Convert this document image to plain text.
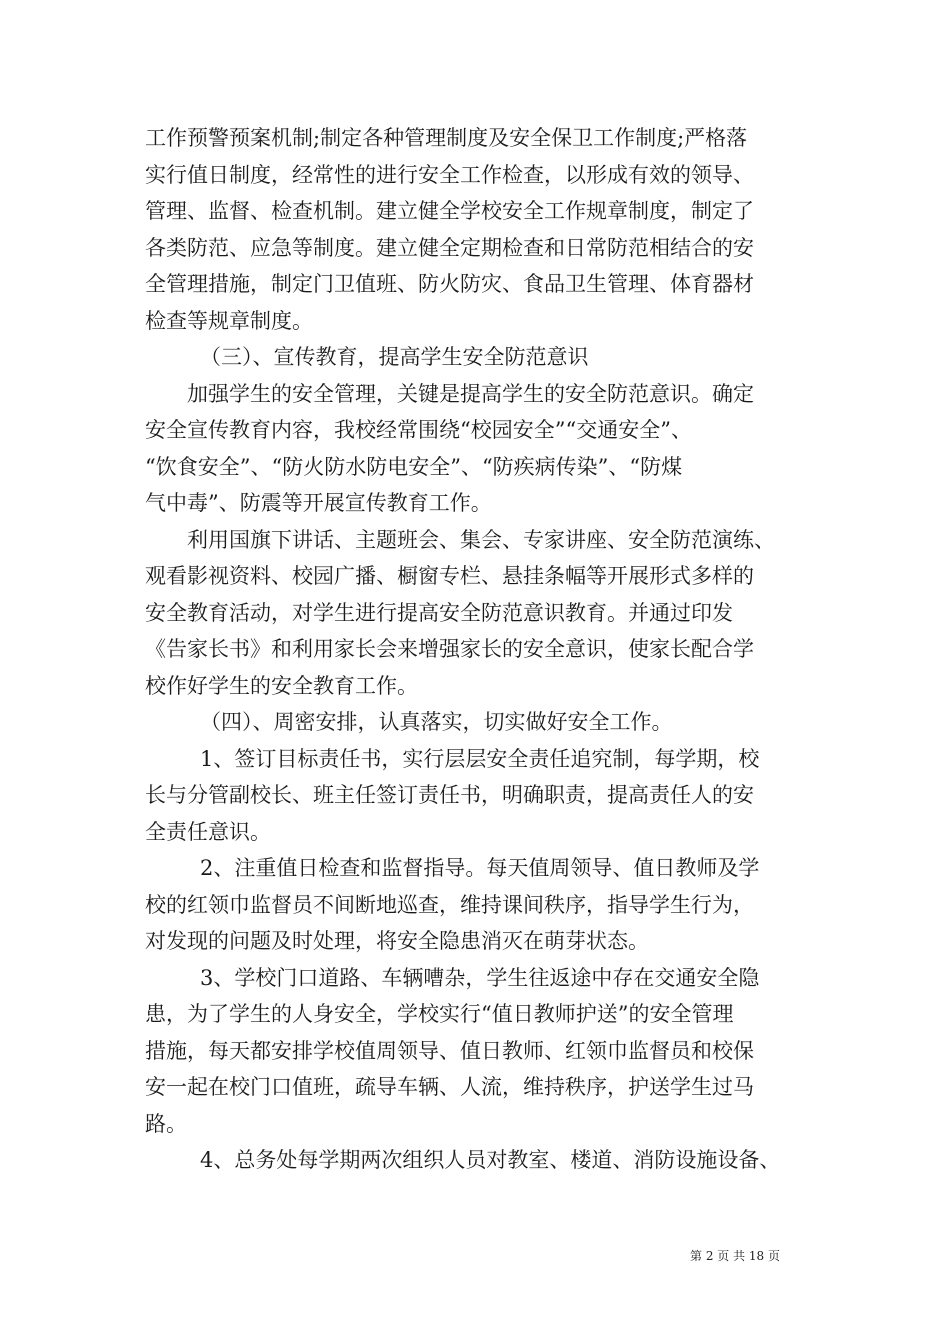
工作预警预案机制;制定各种管理制度及安全保卫工作制度;严格落
实行值日制度，经常性的进行安全工作检查，以形成有效的领导、
管理、监督、检查机制。建立健全学校安全工作规章制度，制定了
各类防范、应急等制度。建立健全定期检查和日常防范相结合的安
全管理措施，制定门卫值班、防火防灾、食品卫生管理、体育器材
检查等规章制度。
（三）、宣传教育，提高学生安全防范意识
加强学生的安全管理，关键是提高学生的安全防范意识。确定
安全宣传教育内容，我校经常围绕“校园安全”“交通安全”、
“饮食安全”、“防火防水防电安全”、“防疾病传染”、“防煤
气中毒”、防震等开展宣传教育工作。
利用国旗下讲话、主题班会、集会、专家讲座、安全防范演练、
观看影视资料、校园广播、橱窗专栏、悬挂条幅等开展形式多样的
安全教育活动，对学生进行提高安全防范意识教育。并通过印发
《告家长书》和利用家长会来增强家长的安全意识，使家长配合学
校作好学生的安全教育工作。
（四）、周密安排，认真落实，切实做好安全工作。
1、签订目标责任书，实行层层安全责任追究制，每学期，校
长与分管副校长、班主任签订责任书，明确职责，提高责任人的安
全责任意识。
2、注重值日检查和监督指导。每天值周领导、值日教师及学
校的红领巾监督员不间断地巡查，维持课间秩序，指导学生行为，
对发现的问题及时处理，将安全隐患消灭在萌芽状态。
3、学校门口道路、车辆嘈杂，学生往返途中存在交通安全隐
患，为了学生的人身安全，学校实行“值日教师护送”的安全管理
措施，每天都安排学校值周领导、值日教师、红领巾监督员和校保
安一起在校门口值班，疏导车辆、人流，维持秩序，护送学生过马
路。
4、总务处每学期两次组织人员对教室、楼道、消防设施设备、
第 2 页 共 18 页
